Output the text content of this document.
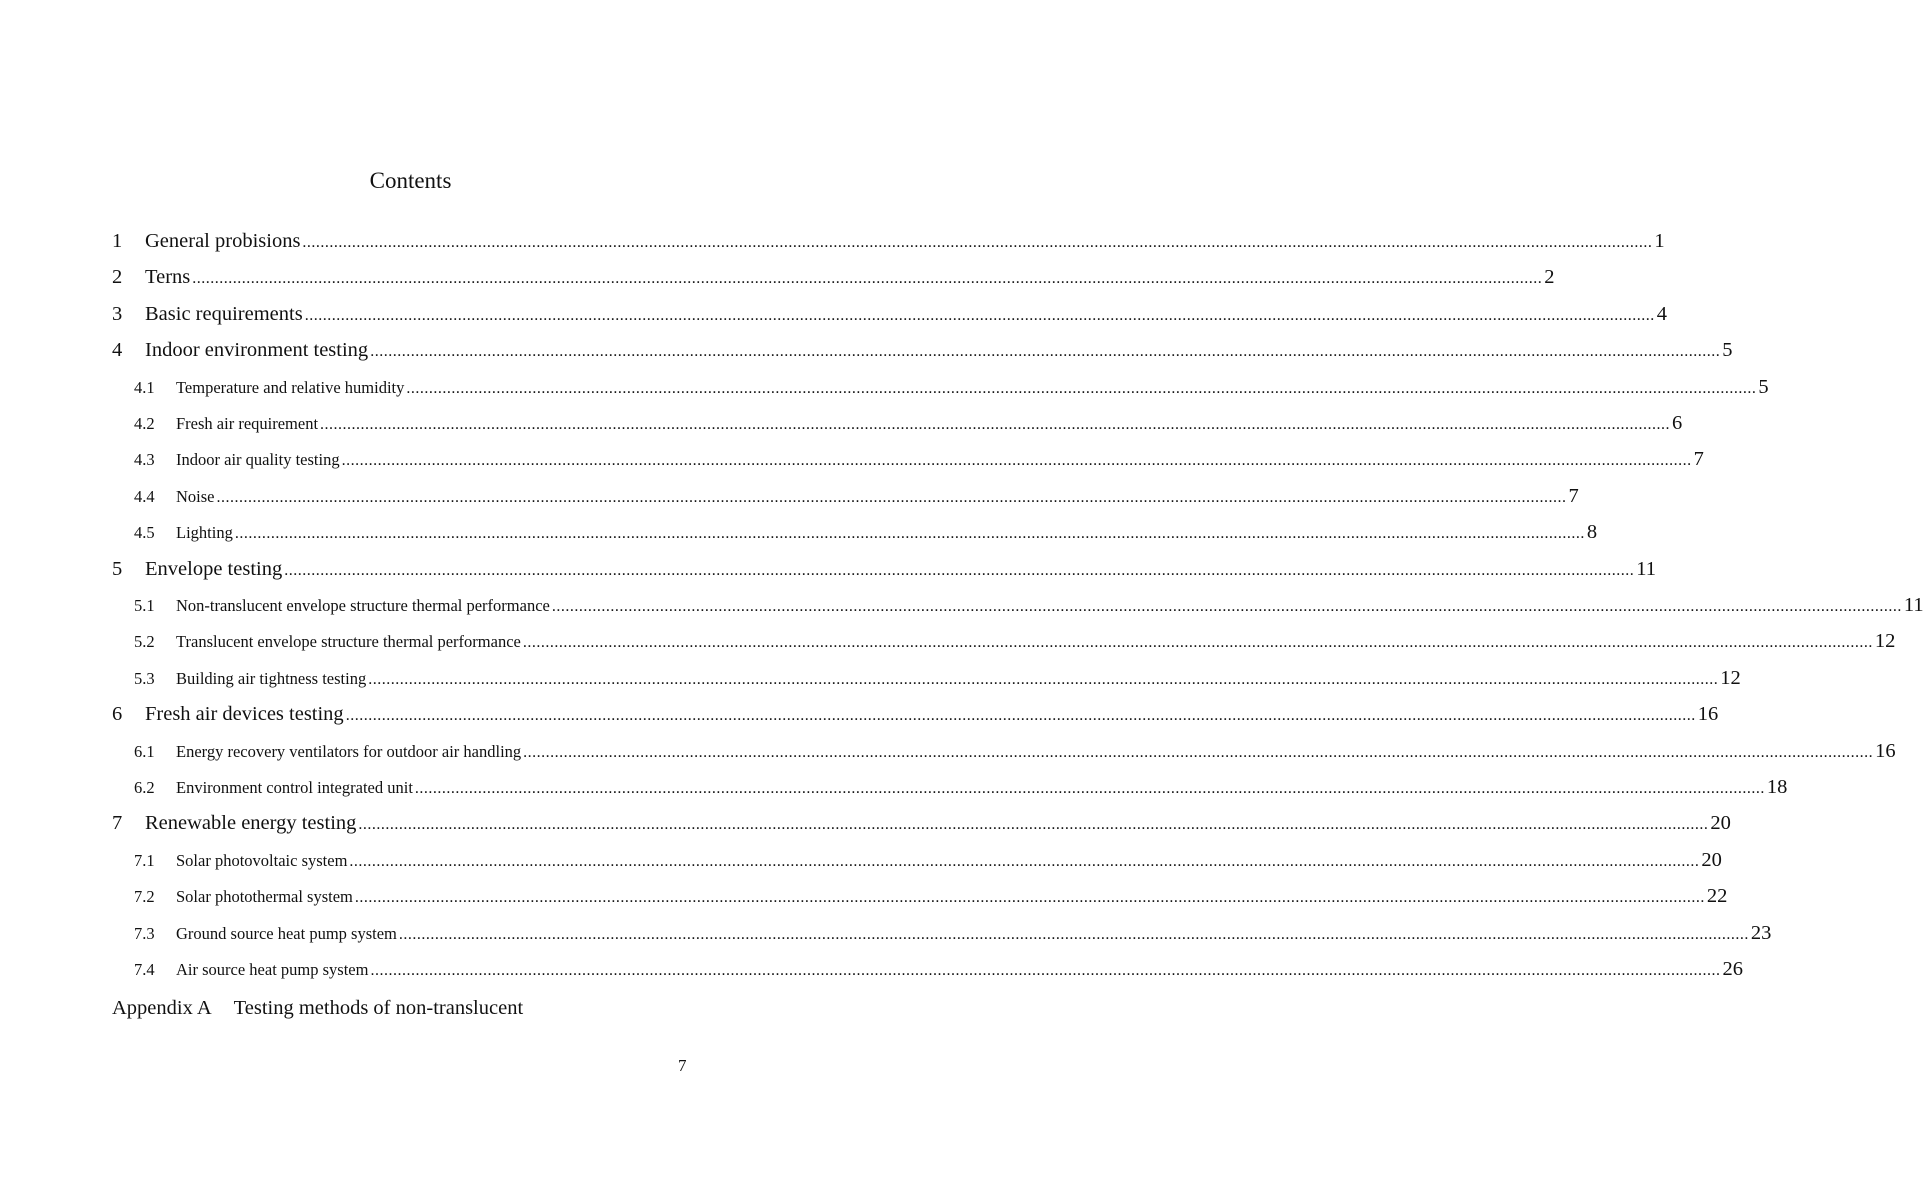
Contents
1	General probisions ............................................................................................................................................................................................................................................................................................................ 1
2	Terns ............................................................................................................................................................................................................................................................................................................ 2
3	Basic requirements ............................................................................................................................................................................................................................................................................................................ 4
4	Indoor environment testing ............................................................................................................................................................................................................................................................................................................ 5
4.1	Temperature and relative humidity ............................................................................................................................................................................................................................................................................................................ 5
4.2	Fresh air requirement ............................................................................................................................................................................................................................................................................................................ 6
4.3	Indoor air quality testing ............................................................................................................................................................................................................................................................................................................ 7
4.4	Noise ............................................................................................................................................................................................................................................................................................................ 7
4.5	Lighting ............................................................................................................................................................................................................................................................................................................ 8
5	Envelope testing ............................................................................................................................................................................................................................................................................................................ 11
5.1	Non-translucent envelope structure thermal performance ............................................................................................................................................................................................................................................................................................................ 11
5.2	Translucent envelope structure thermal performance ............................................................................................................................................................................................................................................................................................................ 12
5.3	Building air tightness testing ............................................................................................................................................................................................................................................................................................................ 12
6	Fresh air devices testing ............................................................................................................................................................................................................................................................................................................ 16
6.1	Energy recovery ventilators for outdoor air handling ............................................................................................................................................................................................................................................................................................................ 16
6.2	Environment control integrated unit ............................................................................................................................................................................................................................................................................................................ 18
7	Renewable energy testing ............................................................................................................................................................................................................................................................................................................ 20
7.1	Solar photovoltaic system ............................................................................................................................................................................................................................................................................................................ 20
7.2	Solar photothermal system ............................................................................................................................................................................................................................................................................................................ 22
7.3	Ground source heat pump system ............................................................................................................................................................................................................................................................................................................ 23
7.4	Air source heat pump system ............................................................................................................................................................................................................................................................................................................ 26
Appendix A Testing methods of non-translucent
7
